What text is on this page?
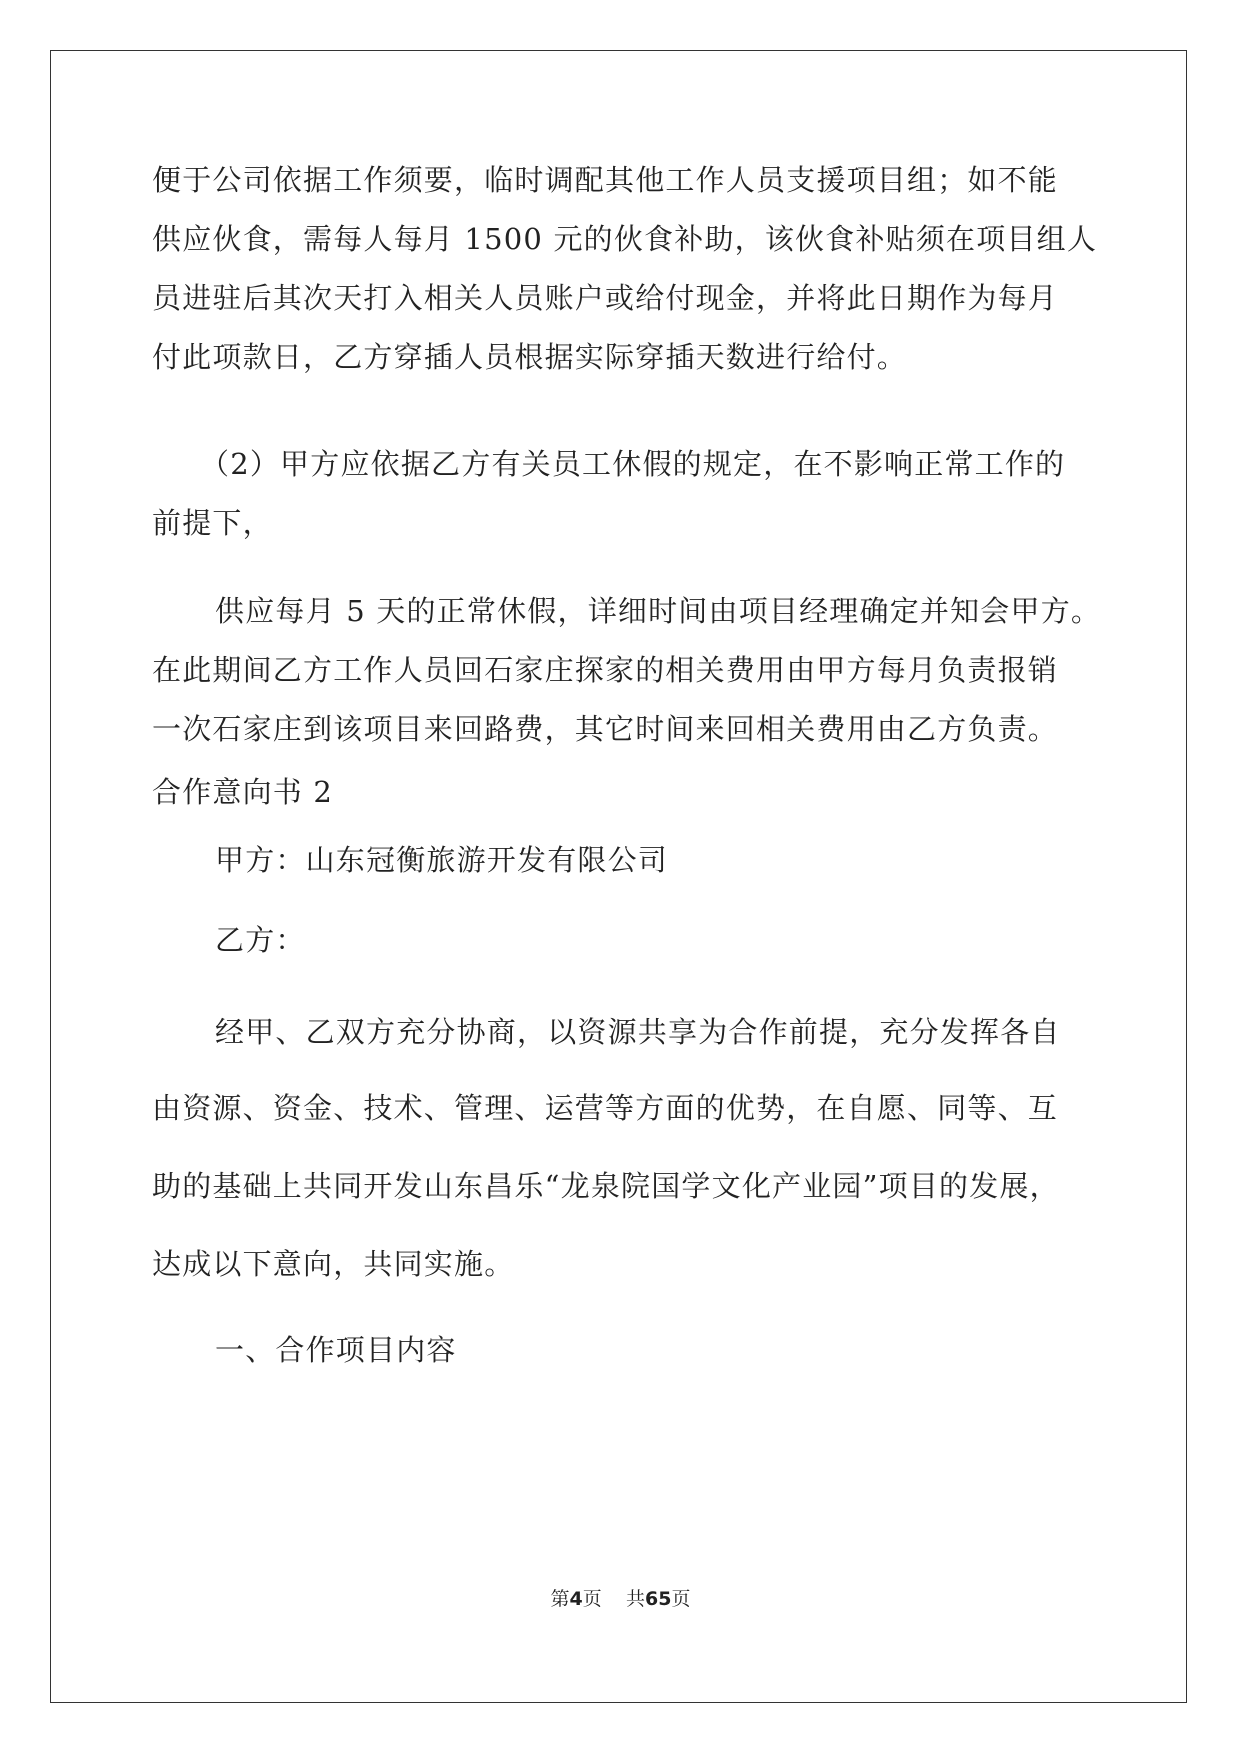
便于公司依据工作须要，临时调配其他工作人员支援项目组；如不能
供应伙食，需每人每月 1500 元的伙食补助，该伙食补贴须在项目组人
员进驻后其次天打入相关人员账户或给付现金，并将此日期作为每月
付此项款日，乙方穿插人员根据实际穿插天数进行给付。
（2）甲方应依据乙方有关员工休假的规定，在不影响正常工作的
前提下，
供应每月 5 天的正常休假，详细时间由项目经理确定并知会甲方。
在此期间乙方工作人员回石家庄探家的相关费用由甲方每月负责报销
一次石家庄到该项目来回路费，其它时间来回相关费用由乙方负责。
合作意向书 2
甲方：山东冠衡旅游开发有限公司
乙方：
经甲、乙双方充分协商，以资源共享为合作前提，充分发挥各自
由资源、资金、技术、管理、运营等方面的优势，在自愿、同等、互
助的基础上共同开发山东昌乐“龙泉院国学文化产业园”项目的发展，
达成以下意向，共同实施。
一、合作项目内容
第4页 共65页
